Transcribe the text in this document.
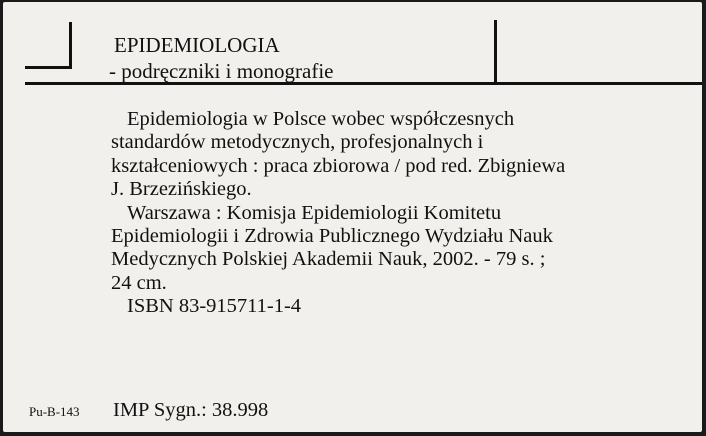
EPIDEMIOLOGIA
- podręczniki i monografie
Epidemiologia w Polsce wobec współczesnych
standardów metodycznych, profesjonalnych i
kształceniowych : praca zbiorowa / pod red. Zbigniewa
J. Brzezińskiego.
Warszawa : Komisja Epidemiologii Komitetu
Epidemiologii i Zdrowia Publicznego Wydziału Nauk
Medycznych Polskiej Akademii Nauk, 2002. - 79 s. ;
24 cm.
ISBN 83-915711-1-4
Pu-B-143 IMP Sygn.: 38.998
